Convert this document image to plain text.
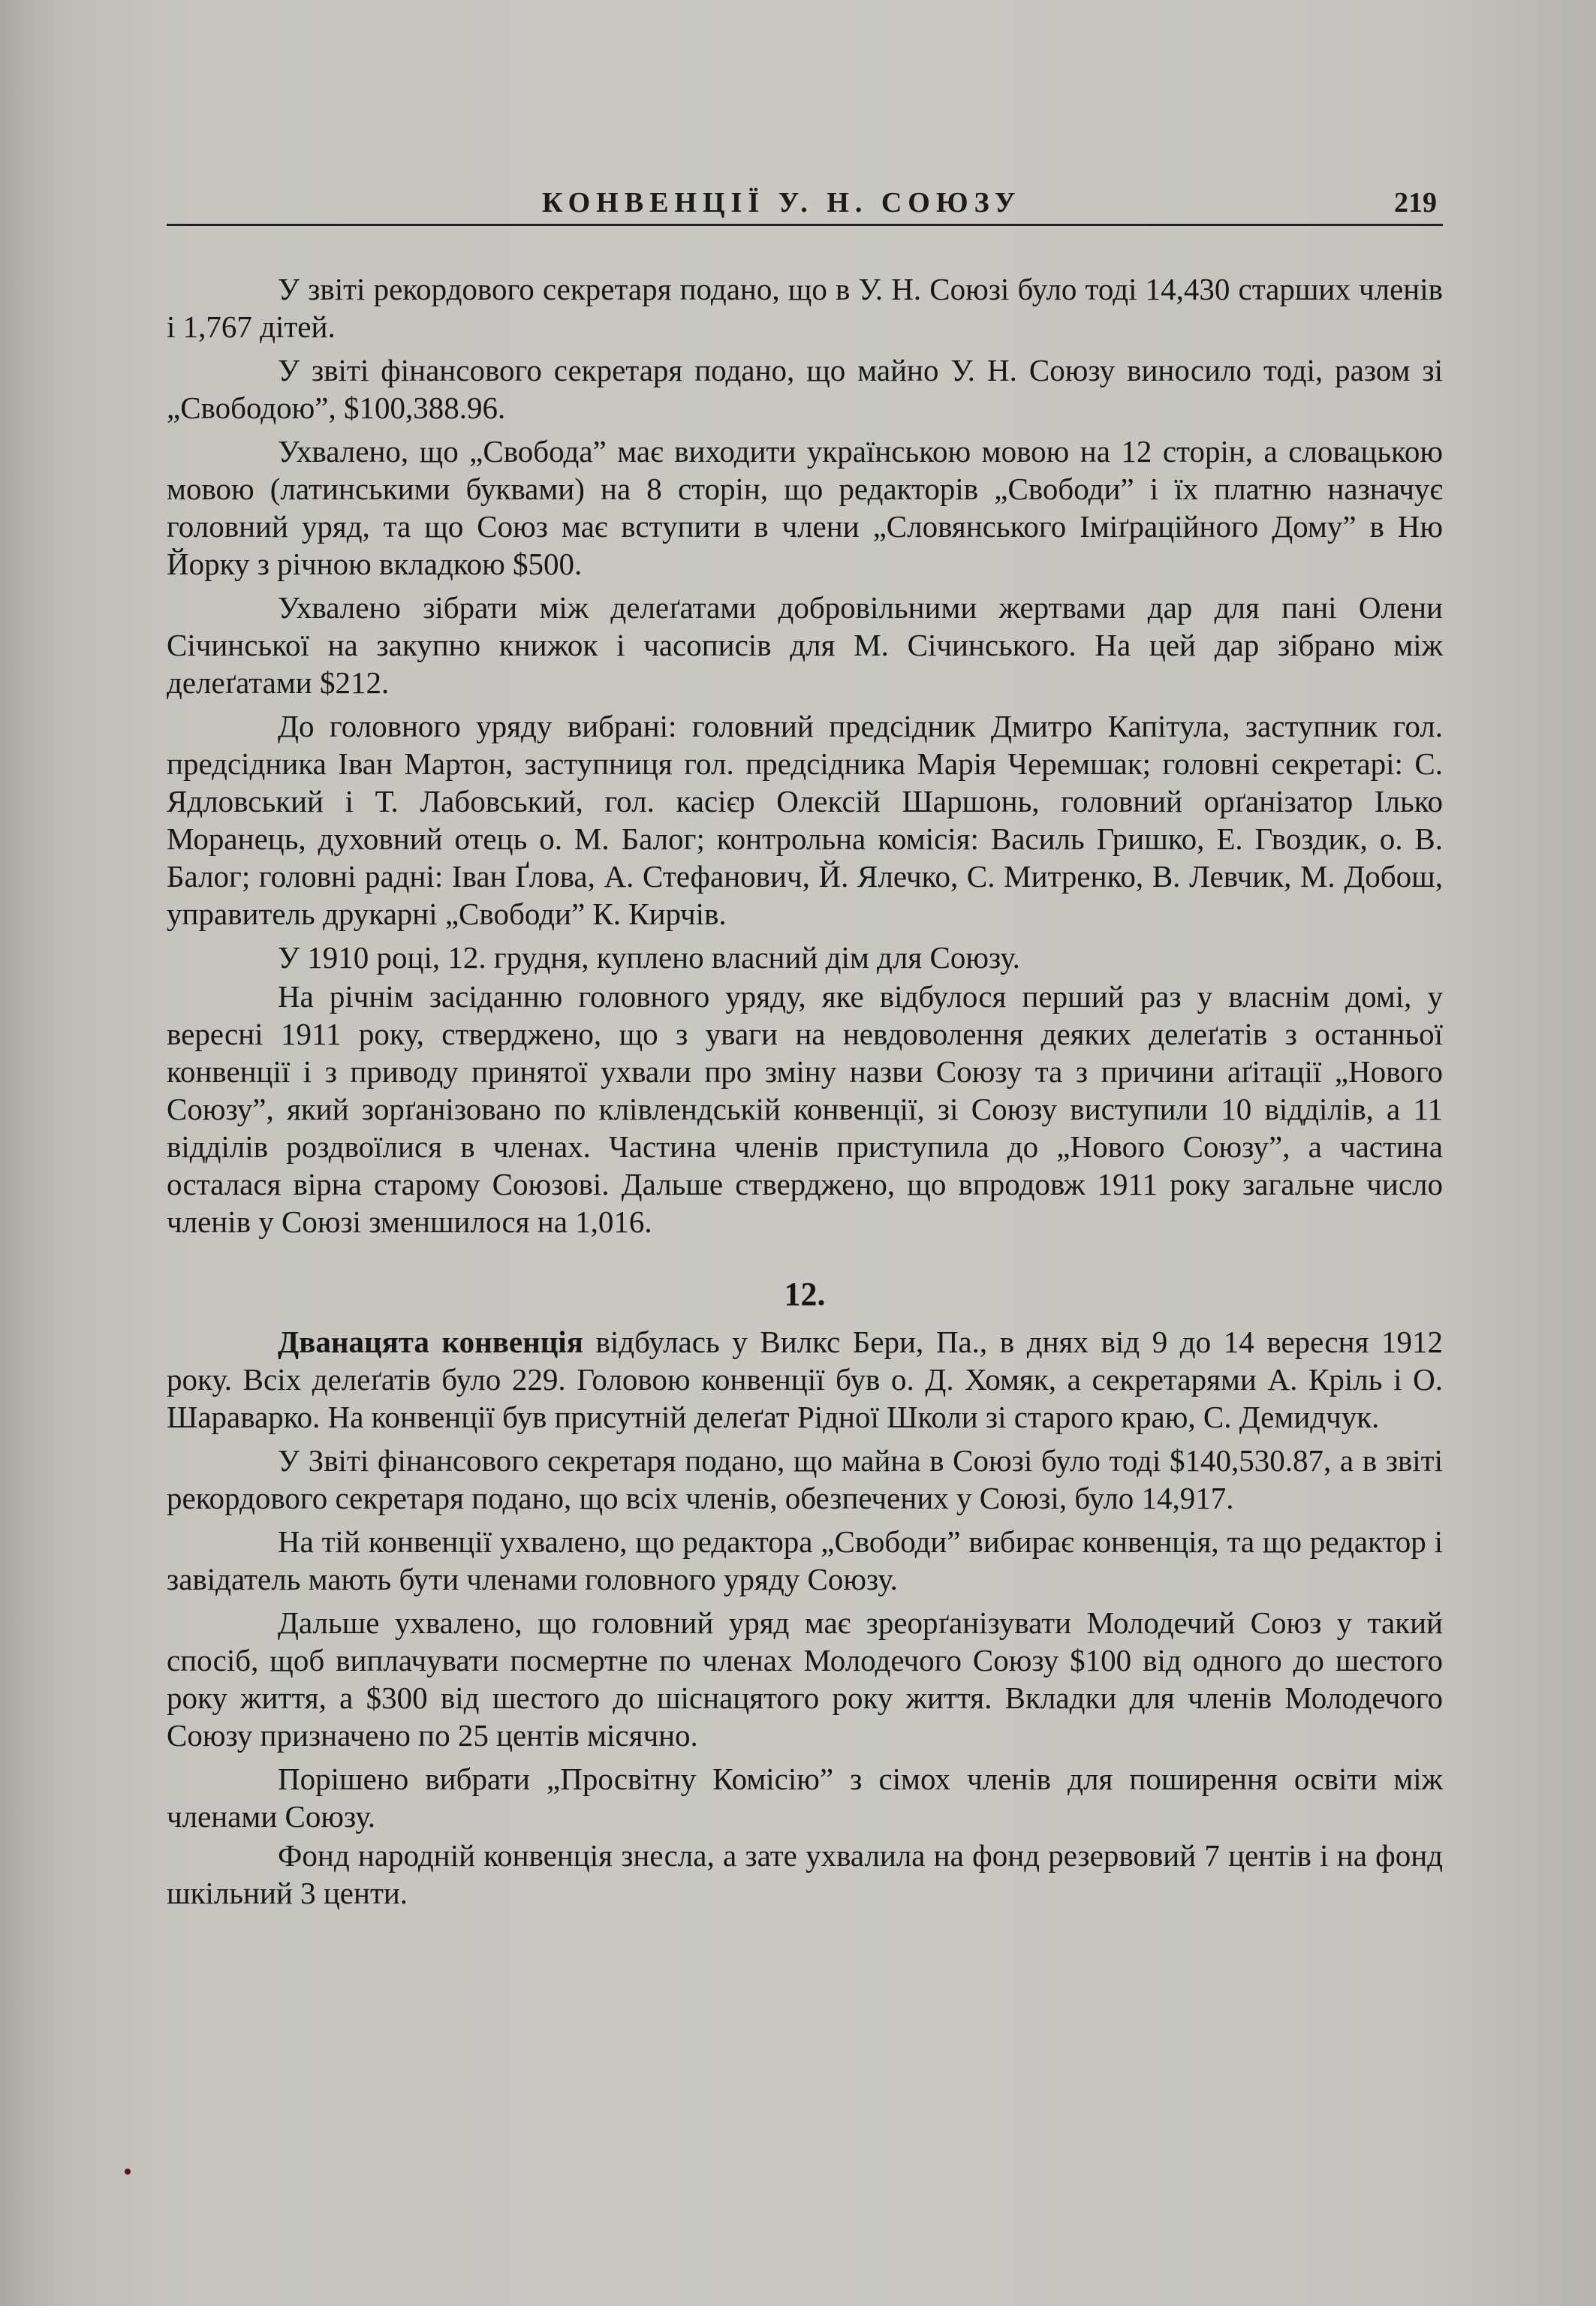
КОНВЕНЦІЇ У. Н. СОЮЗУ	219

У звіті рекордового секретаря подано, що в У. Н. Союзі було тоді 14,430 старших членів і 1,767 дітей.

У звіті фінансового секретаря подано, що майно У. Н. Союзу виносило тоді, разом зі „Свободою”, $100,388.96.

Ухвалено, що „Свобода” має виходити українською мовою на 12 сторін, а словацькою мовою (латинськими буквами) на 8 сторін, що редакторів „Свободи” і їх платню назначує головний уряд, та що Союз має вступити в члени „Словянського Іміґраційного Дому” в Ню Йорку з річною вкладкою $500.

Ухвалено зібрати між делеґатами добровільними жертвами дар для пані Олени Січинської на закупно книжок і часописів для М. Січинського. На цей дар зібрано між делеґатами $212.

До головного уряду вибрані: головний предсідник Дмитро Капітула, заступник гол. предсідника Іван Мартон, заступниця гол. предсідника Марія Черемшак; головні секретарі: С. Ядловський і Т. Лабовський, гол. касієр Олексій Шаршонь, головний орґанізатор Ілько Моранець, духовний отець о. М. Балог; контрольна комісія: Василь Гришко, Е. Гвоздик, о. В. Балог; головні радні: Іван Ґлова, А. Стефанович, Й. Ялечко, С. Митренко, В. Левчик, М. Добош, управитель друкарні „Свободи” К. Кирчів.

У 1910 році, 12. грудня, куплено власний дім для Союзу.

На річнім засіданню головного уряду, яке відбулося перший раз у власнім домі, у вересні 1911 року, стверджено, що з уваги на невдоволення деяких делеґатів з останньої конвенції і з приводу принятої ухвали про зміну назви Союзу та з причини аґітації „Нового Союзу”, який зорґанізовано по клівлендській конвенції, зі Союзу виступили 10 відділів, а 11 відділів роздвоїлися в членах. Частина членів приступила до „Нового Союзу”, а частина осталася вірна старому Союзові. Дальше стверджено, що впродовж 1911 року загальне число членів у Союзі зменшилося на 1,016.

12.

Дванацята конвенція відбулась у Вилкс Бери, Па., в днях від 9 до 14 вересня 1912 року. Всіх делеґатів було 229. Головою конвенції був о. Д. Хомяк, а секретарями А. Кріль і О. Шараварко. На конвенції був присутній делеґат Рідної Школи зі старого краю, С. Демидчук.

У Звіті фінансового секретаря подано, що майна в Союзі було тоді $140,530.87, а в звіті рекордового секретаря подано, що всіх членів, обезпечених у Союзі, було 14,917.

На тій конвенції ухвалено, що редактора „Свободи” вибирає конвенція, та що редактор і завідатель мають бути членами головного уряду Союзу.

Дальше ухвалено, що головний уряд має зреорґанізувати Молодечий Союз у такий спосіб, щоб виплачувати посмертне по членах Молодечого Союзу $100 від одного до шестого року життя, а $300 від шестого до шіснацятого року життя. Вкладки для членів Молодечого Союзу призначено по 25 центів місячно.

Порішено вибрати „Просвітну Комісію” з сімох членів для поширення освіти між членами Союзу.

Фонд народній конвенція знесла, а зате ухвалила на фонд резервовий 7 центів і на фонд шкільний 3 центи.
